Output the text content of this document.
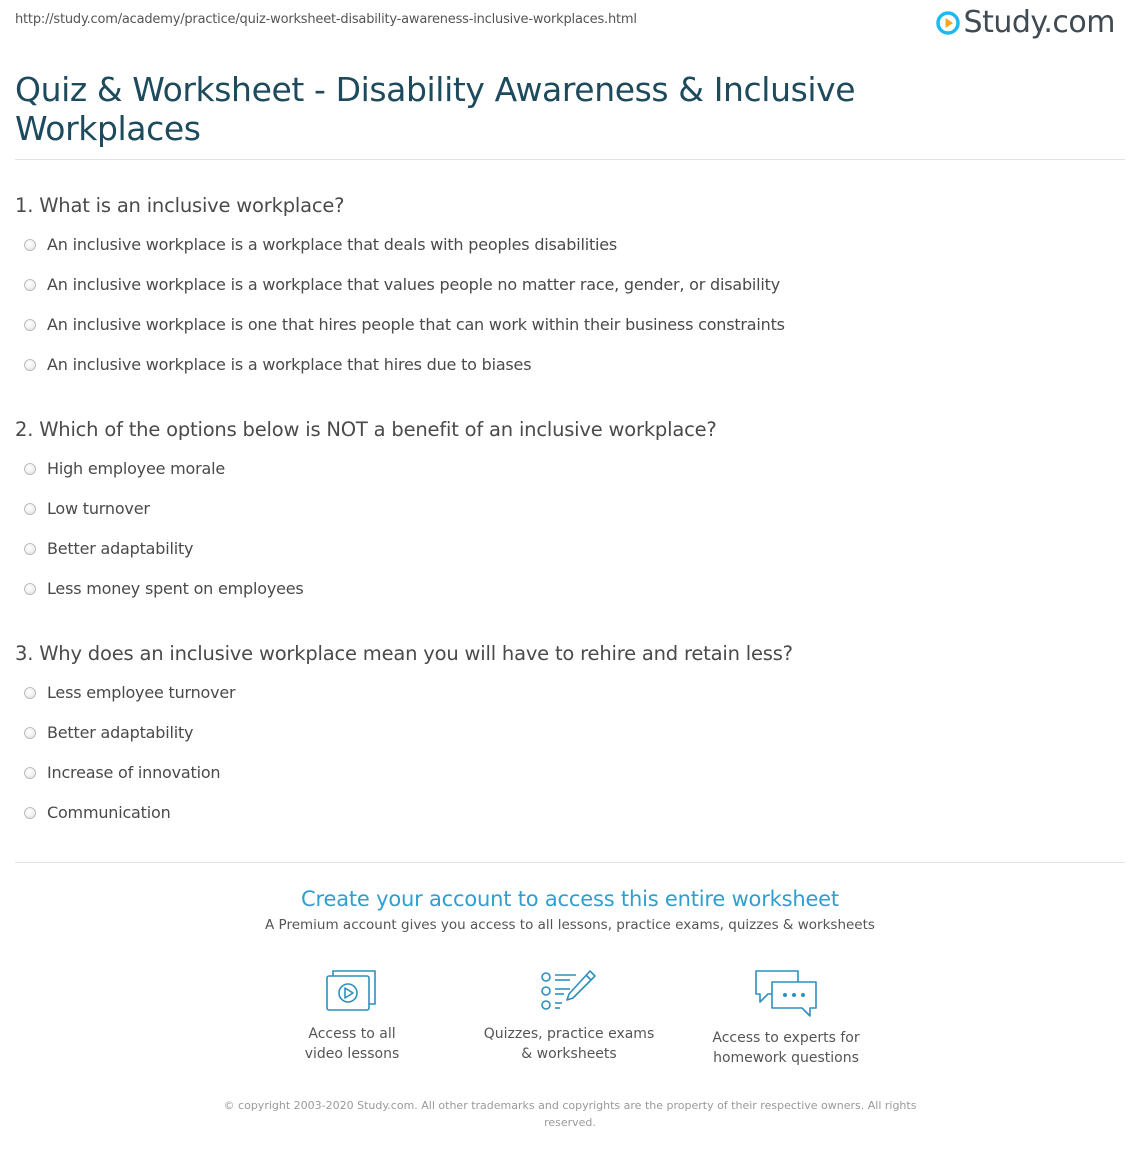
http://study.com/academy/practice/quiz-worksheet-disability-awareness-inclusive-workplaces.html	Study.com
Quiz & Worksheet - Disability Awareness & Inclusive Workplaces
1. What is an inclusive workplace?
An inclusive workplace is a workplace that deals with peoples disabilities
An inclusive workplace is a workplace that values people no matter race, gender, or disability
An inclusive workplace is one that hires people that can work within their business constraints
An inclusive workplace is a workplace that hires due to biases
2. Which of the options below is NOT a benefit of an inclusive workplace?
High employee morale
Low turnover
Better adaptability
Less money spent on employees
3. Why does an inclusive workplace mean you will have to rehire and retain less?
Less employee turnover
Better adaptability
Increase of innovation
Communication
Create your account to access this entire worksheet
A Premium account gives you access to all lessons, practice exams, quizzes & worksheets
Access to all
video lessons
Quizzes, practice exams
& worksheets
Access to experts for
homework questions
© copyright 2003-2020 Study.com. All other trademarks and copyrights are the property of their respective owners. All rights reserved.
